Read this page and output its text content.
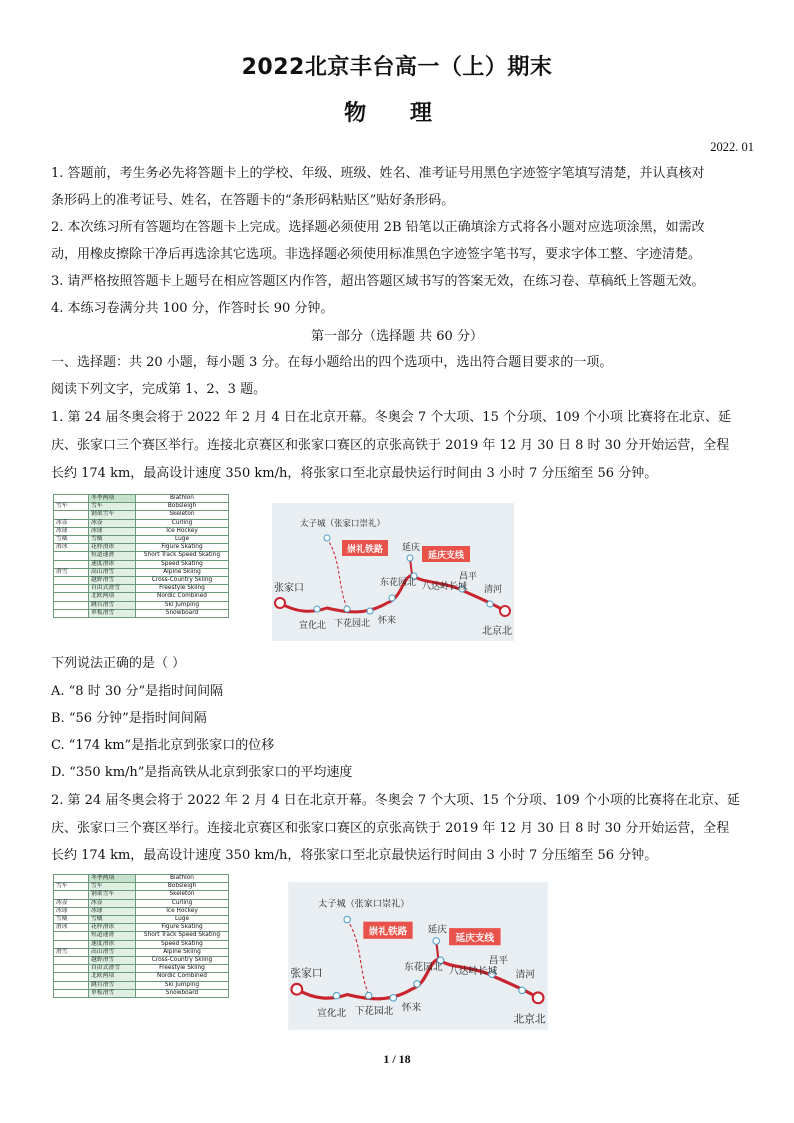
2022北京丰台高一（上）期末
物 理
2022. 01
1. 答题前，考生务必先将答题卡上的学校、年级、班级、姓名、准考证号用黑色字迹签字笔填写清楚，并认真核对
条形码上的准考证号、姓名，在答题卡的“条形码粘贴区”贴好条形码。
2. 本次练习所有答题均在答题卡上完成。选择题必须使用 2B 铅笔以正确填涂方式将各小题对应选项涂黑，如需改
动，用橡皮擦除干净后再选涂其它选项。非选择题必须使用标准黑色字迹签字笔书写，要求字体工整、字迹清楚。
3. 请严格按照答题卡上题号在相应答题区内作答，超出答题区域书写的答案无效，在练习卷、草稿纸上答题无效。
4. 本练习卷满分共 100 分，作答时长 90 分钟。
第一部分（选择题 共 60 分）
一、选择题：共 20 小题，每小题 3 分。在每小题给出的四个选项中，选出符合题目要求的一项。
阅读下列文字，完成第 1、2、3 题。
1. 第 24 届冬奥会将于 2022 年 2 月 4 日在北京开幕。冬奥会 7 个大项、15 个分项、109 个小项 比赛将在北京、延
庆、张家口三个赛区举行。连接北京赛区和张家口赛区的京张高铁于 2019 年 12 月 30 日 8 时 30 分开始运营，全程
长约 174 km，最高设计速度 350 km/h，将张家口至北京最快运行时间由 3 小时 7 分压缩至 56 分钟。
	冬季两项	Biathlon
雪车	雪车	Bobsleigh
	钢架雪车	Skeleton
冰壶	冰壶	Curling
冰球	冰球	Ice Hockey
雪橇	雪橇	Luge
滑冰	花样滑冰	Figure Skating
	短道速滑	Short Track Speed Skating
	速度滑冰	Speed Skating
滑雪	高山滑雪	Alpine Skiing
	越野滑雪	Cross-Country Skiing
	自由式滑雪	Freestyle Skiing
	北欧两项	Nordic Combined
	跳台滑雪	Ski Jumping
	单板滑雪	Snowboard
崇礼铁路
延庆支线
太子城（张家口崇礼）
张家口
宣化北 下花园北 怀来
东花园北
延庆
八达岭长城
昌平
清河
北京北
下列说法正确的是（ ）
A. “8 时 30 分”是指时间间隔
B. “56 分钟”是指时间间隔
C. “174 km”是指北京到张家口的位移
D. “350 km/h”是指高铁从北京到张家口的平均速度
2. 第 24 届冬奥会将于 2022 年 2 月 4 日在北京开幕。冬奥会 7 个大项、15 个分项、109 个小项的比赛将在北京、延
庆、张家口三个赛区举行。连接北京赛区和张家口赛区的京张高铁于 2019 年 12 月 30 日 8 时 30 分开始运营，全程
长约 174 km，最高设计速度 350 km/h，将张家口至北京最快运行时间由 3 小时 7 分压缩至 56 分钟。
	冬季两项	Biathlon
雪车	雪车	Bobsleigh
	钢架雪车	Skeleton
冰壶	冰壶	Curling
冰球	冰球	Ice Hockey
雪橇	雪橇	Luge
滑冰	花样滑冰	Figure Skating
	短道速滑	Short Track Speed Skating
	速度滑冰	Speed Skating
滑雪	高山滑雪	Alpine Skiing
	越野滑雪	Cross-Country Skiing
	自由式滑雪	Freestyle Skiing
	北欧两项	Nordic Combined
	跳台滑雪	Ski Jumping
	单板滑雪	Snowboard
崇礼铁路
延庆支线
太子城（张家口崇礼）
张家口
宣化北 下花园北 怀来
东花园北
延庆
八达岭长城
昌平
清河
北京北
1 / 18
